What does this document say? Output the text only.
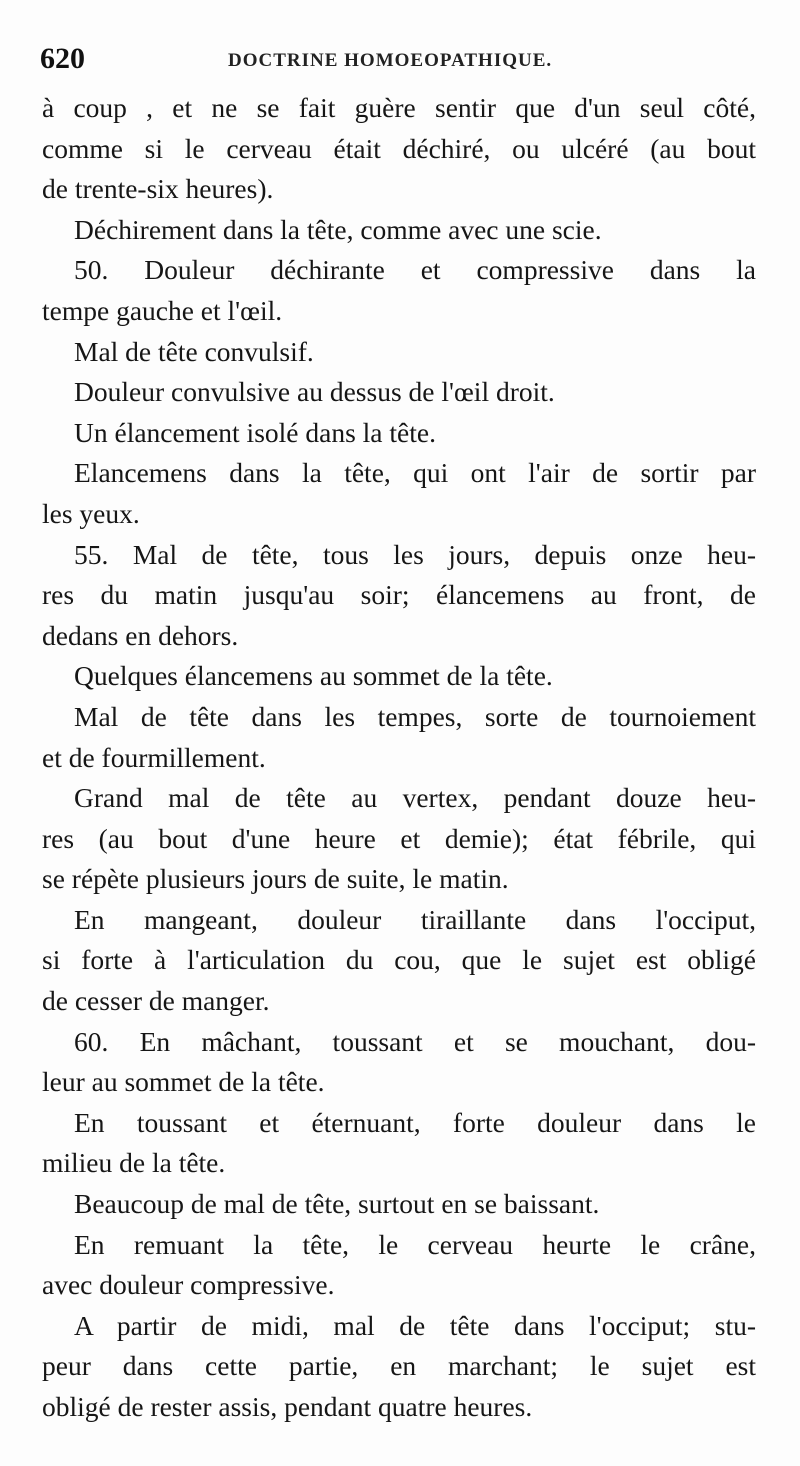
620	DOCTRINE HOMOEOPATHIQUE.
à coup , et ne se fait guère sentir que d'un seul côté,
comme si le cerveau était déchiré, ou ulcéré (au bout
de trente-six heures).
Déchirement dans la tête, comme avec une scie.
50. Douleur déchirante et compressive dans la
tempe gauche et l'œil.
Mal de tête convulsif.
Douleur convulsive au dessus de l'œil droit.
Un élancement isolé dans la tête.
Elancemens dans la tête, qui ont l'air de sortir par
les yeux.
55. Mal de tête, tous les jours, depuis onze heu-
res du matin jusqu'au soir; élancemens au front, de
dedans en dehors.
Quelques élancemens au sommet de la tête.
Mal de tête dans les tempes, sorte de tournoiement
et de fourmillement.
Grand mal de tête au vertex, pendant douze heu-
res (au bout d'une heure et demie); état fébrile, qui
se répète plusieurs jours de suite, le matin.
En mangeant, douleur tiraillante dans l'occiput,
si forte à l'articulation du cou, que le sujet est obligé
de cesser de manger.
60. En mâchant, toussant et se mouchant, dou-
leur au sommet de la tête.
En toussant et éternuant, forte douleur dans le
milieu de la tête.
Beaucoup de mal de tête, surtout en se baissant.
En remuant la tête, le cerveau heurte le crâne,
avec douleur compressive.
A partir de midi, mal de tête dans l'occiput; stu-
peur dans cette partie, en marchant; le sujet est
obligé de rester assis, pendant quatre heures.
